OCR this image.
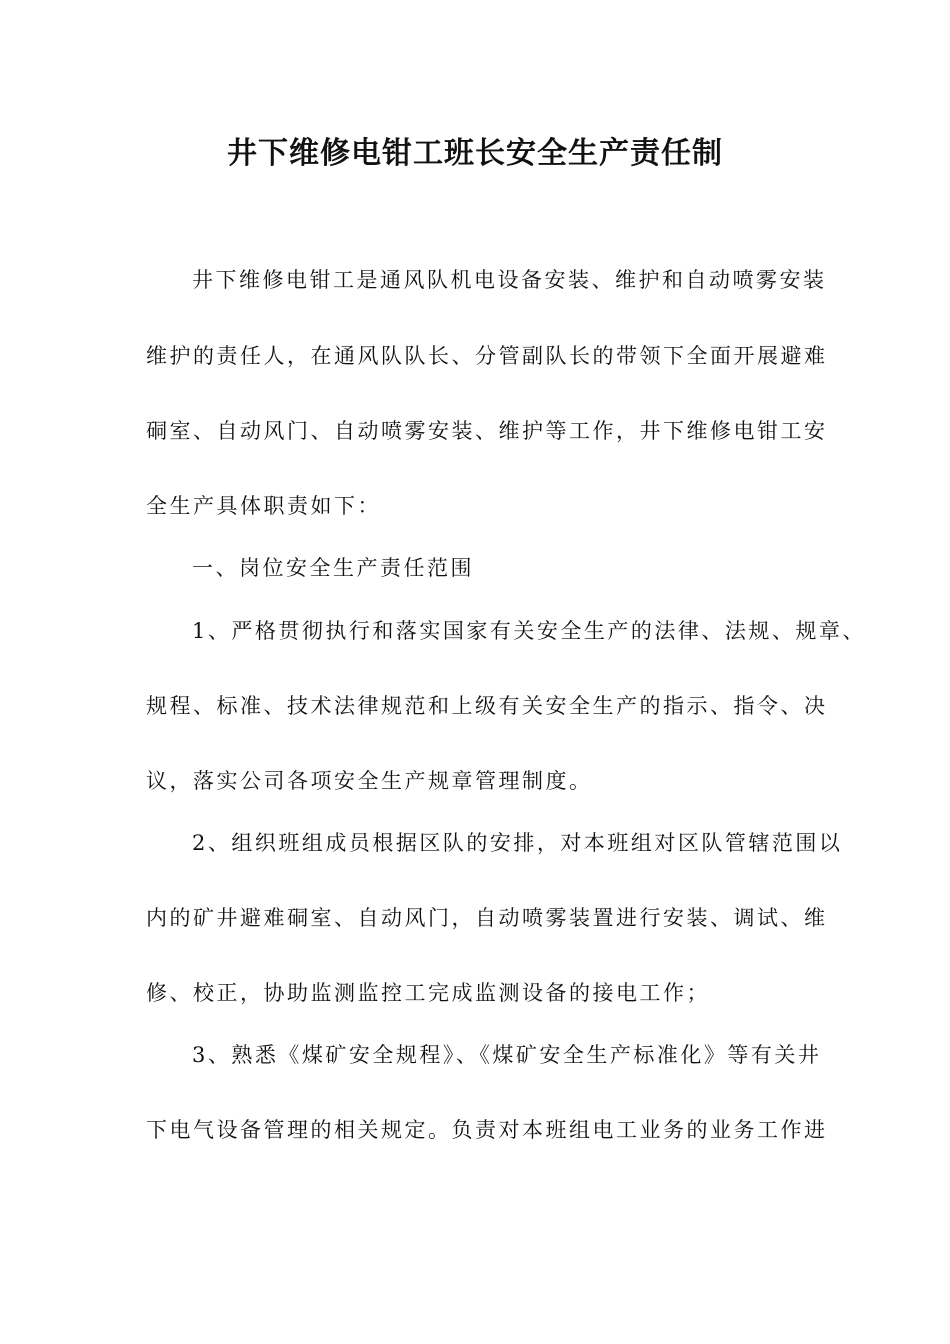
井下维修电钳工班长安全生产责任制
井下维修电钳工是通风队机电设备安装、维护和自动喷雾安装
维护的责任人，在通风队队长、分管副队长的带领下全面开展避难
硐室、自动风门、自动喷雾安装、维护等工作，井下维修电钳工安
全生产具体职责如下：
一、岗位安全生产责任范围
1、严格贯彻执行和落实国家有关安全生产的法律、法规、规章、
规程、标准、技术法律规范和上级有关安全生产的指示、指令、决
议，落实公司各项安全生产规章管理制度。
2、组织班组成员根据区队的安排，对本班组对区队管辖范围以
内的矿井避难硐室、自动风门，自动喷雾装置进行安装、调试、维
修、校正，协助监测监控工完成监测设备的接电工作；
3、熟悉《煤矿安全规程》、《煤矿安全生产标准化》等有关井
下电气设备管理的相关规定。负责对本班组电工业务的业务工作进
